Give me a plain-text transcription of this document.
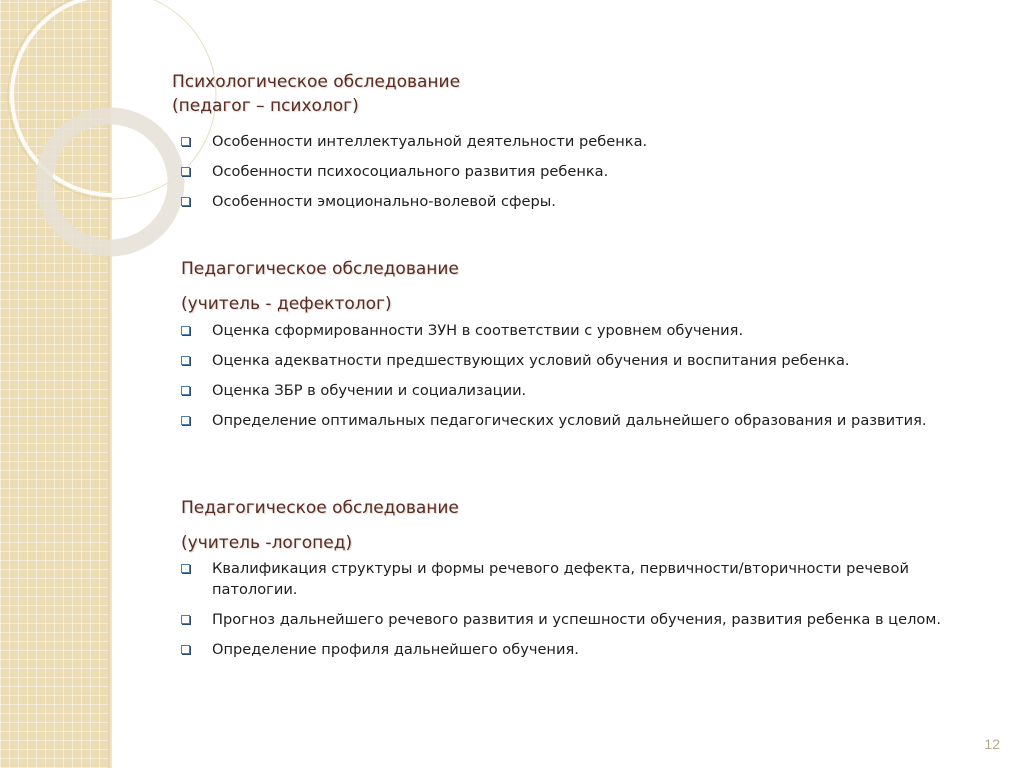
Психологическое обследование
(педагог – психолог)
Особенности интеллектуальной деятельности ребенка.
Особенности психосоциального развития ребенка.
Особенности эмоционально-волевой сферы.
Педагогическое обследование
(учитель - дефектолог)
Оценка сформированности ЗУН в соответствии с уровнем обучения.
Оценка адекватности предшествующих условий обучения и воспитания ребенка.
Оценка ЗБР в обучении и социализации.
Определение оптимальных педагогических условий дальнейшего образования и развития.
Педагогическое обследование
(учитель -логопед)
Квалификация структуры и формы речевого дефекта, первичности/вторичности речевой патологии.
Прогноз дальнейшего речевого развития и успешности обучения, развития ребенка в целом.
Определение профиля дальнейшего обучения.
12
